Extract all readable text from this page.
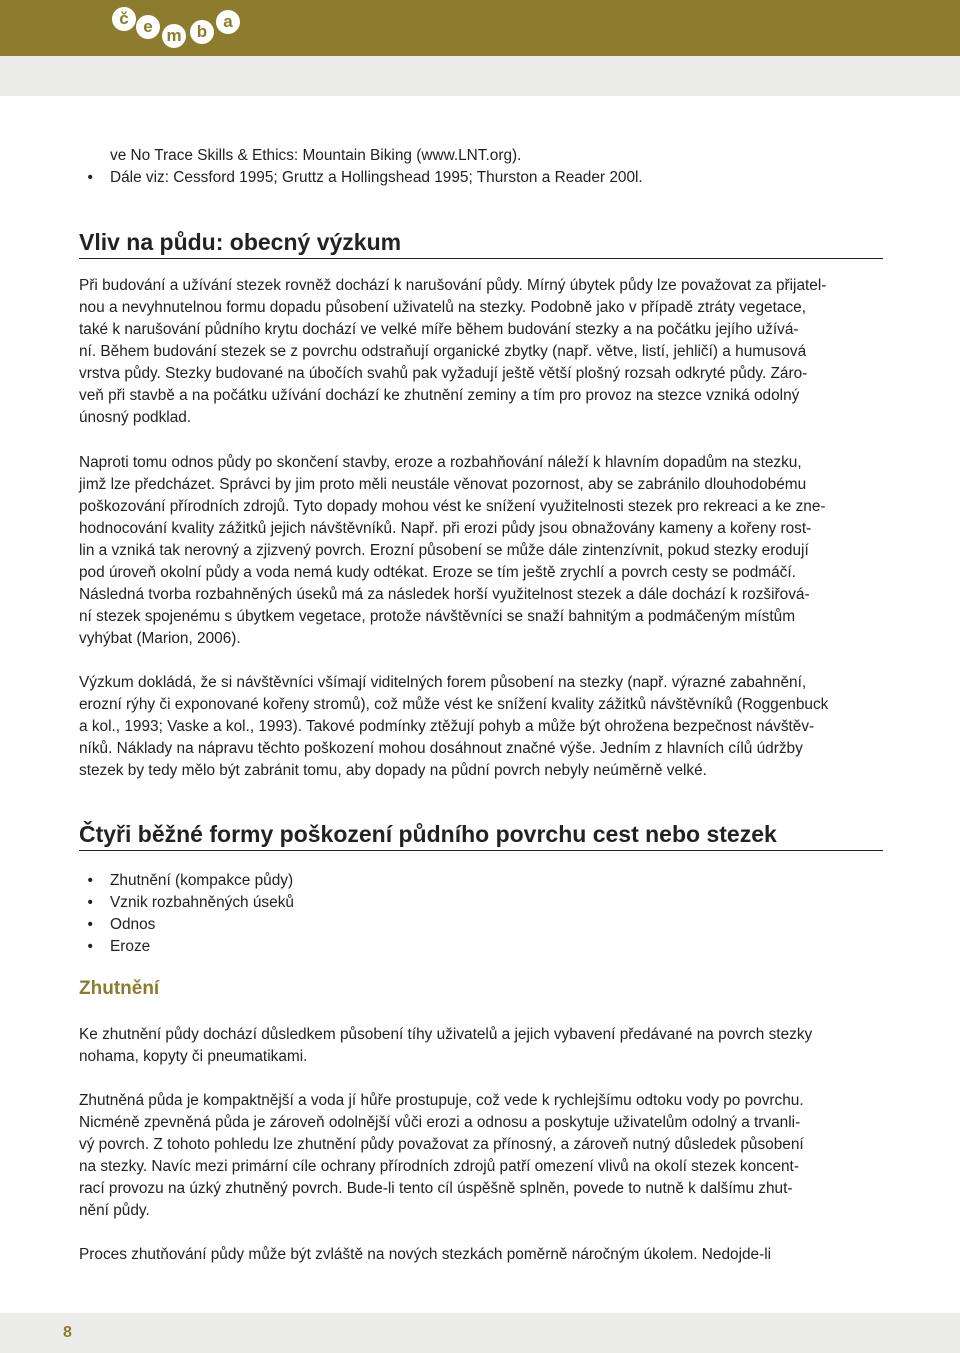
č e m b
a
ve No Trace Skills & Ethics: Mountain Biking (www.LNT.org).
• Dále viz: Cessford 1995; Gruttz a Hollingshead 1995; Thurston a Reader 200l.
Vliv na půdu: obecný výzkum
Při budování a užívání stezek rovněž dochází k narušování půdy. Mírný úbytek půdy lze považovat za přijatel-
nou a nevyhnutelnou formu dopadu působení uživatelů na stezky. Podobně jako v případě ztráty vegetace,
také k narušování půdního krytu dochází ve velké míře během budování stezky a na počátku jejího užívá-
ní. Během budování stezek se z povrchu odstraňují organické zbytky (např. větve, listí, jehličí) a humusová
vrstva půdy. Stezky budované na úbočích svahů pak vyžadují ještě větší plošný rozsah odkryté půdy. Záro-
veň při stavbě a na počátku užívání dochází ke zhutnění zeminy a tím pro provoz na stezce vzniká odolný
únosný podklad.
Naproti tomu odnos půdy po skončení stavby, eroze a rozbahňování náleží k hlavním dopadům na stezku,
jimž lze předcházet. Správci by jim proto měli neustále věnovat pozornost, aby se zabránilo dlouhodobému
poškozování přírodních zdrojů. Tyto dopady mohou vést ke snížení využitelnosti stezek pro rekreaci a ke zne-
hodnocování kvality zážitků jejich návštěvníků. Např. při erozi půdy jsou obnažovány kameny a kořeny rost-
lin a vzniká tak nerovný a zjizvený povrch. Erozní působení se může dále zintenzívnit, pokud stezky erodují
pod úroveň okolní půdy a voda nemá kudy odtékat. Eroze se tím ještě zrychlí a povrch cesty se podmáčí.
Následná tvorba rozbahněných úseků má za následek horší využitelnost stezek a dále dochází k rozšiřová-
ní stezek spojenému s úbytkem vegetace, protože návštěvníci se snaží bahnitým a podmáčeným místům
vyhýbat (Marion, 2006).
Výzkum dokládá, že si návštěvníci všímají viditelných forem působení na stezky (např. výrazné zabahnění,
erozní rýhy či exponované kořeny stromů), což může vést ke snížení kvality zážitků návštěvníků (Roggenbuck
a kol., 1993; Vaske a kol., 1993). Takové podmínky ztěžují pohyb a může být ohrožena bezpečnost návštěv-
níků. Náklady na nápravu těchto poškození mohou dosáhnout značné výše. Jedním z hlavních cílů údržby
stezek by tedy mělo být zabránit tomu, aby dopady na půdní povrch nebyly neúměrně velké.
Čtyři běžné formy poškození půdního povrchu cest nebo stezek
• Zhutnění (kompakce půdy)
• Vznik rozbahněných úseků
• Odnos
• Eroze
Zhutnění
Ke zhutnění půdy dochází důsledkem působení tíhy uživatelů a jejich vybavení předávané na povrch stezky
nohama, kopyty či pneumatikami.
Zhutněná půda je kompaktnější a voda jí hůře prostupuje, což vede k rychlejšímu odtoku vody po povrchu.
Nicméně zpevněná půda je zároveň odolnější vůči erozi a odnosu a poskytuje uživatelům odolný a trvanli-
vý povrch. Z tohoto pohledu lze zhutnění půdy považovat za přínosný, a zároveň nutný důsledek působení
na stezky. Navíc mezi primární cíle ochrany přírodních zdrojů patří omezení vlivů na okolí stezek koncent-
rací provozu na úzký zhutněný povrch. Bude-li tento cíl úspěšně splněn, povede to nutně k dalšímu zhut-
nění půdy.
Proces zhutňování půdy může být zvláště na nových stezkách poměrně náročným úkolem. Nedojde-li
8
